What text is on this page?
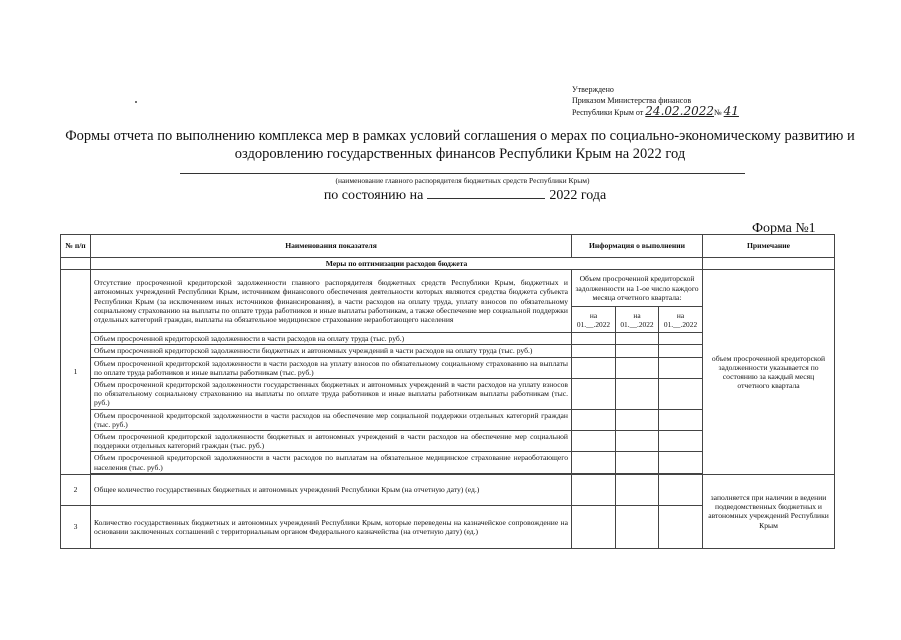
Утверждено
Приказом Министерства финансов
Республики Крым от 24.02.2022№ 41
Формы отчета по выполнению комплекса мер в рамках условий соглашения о мерах по социально-экономическому развитию и
оздоровлению государственных финансов Республики Крым на 2022 год
(наименование главного распорядителя бюджетных средств Республики Крым)
по состоянию на	2022 года
Форма №1
№ п/п	Наименования показателя	Информация о выполнении			Примечание
	Меры по оптимизации расходов бюджета				
1	Отсутствие просроченной кредиторской задолженности главного распорядителя бюджетных средств Республики Крым, бюджетных и автономных учреждений Республики Крым, источником финансового обеспечения деятельности которых являются средства бюджета субъекта Республики Крым (за исключением иных источников финансирования), в части расходов на оплату труда, уплату взносов по обязательному социальному страхованию на выплаты по оплате труда работников и иные выплаты работникам, а также обеспечение мер социальной поддержки отдельных категорий граждан, выплаты на обязательное медицинское страхование нераоботающего населения	Объем просроченной кредиторской задолженности на 1-ое число каждого месяца отчетного квартала:			объем просроченной кредиторской задолженности указывается по состоянию за каждый месяц отчетного квартала
		на 01.__.2022	на 01.__.2022	на 01.__.2022	
	Объем просроченной кредиторской задолженности в части расходов на оплату труда (тыс. руб.)				
	Объем просроченной кредиторской задолженности бюджетных и автономных учреждений в части расходов на оплату труда (тыс. руб.)				
	Объем просроченной кредиторской задолженности в части расходов на уплату взносов по обязательному социальному страхованию на выплаты по оплате труда работников и иные выплаты работникам (тыс. руб.)				
	Объем просроченной кредиторской задолженности государственных бюджетных и автономных учреждений в части расходов на уплату взносов по обязательному социальному страхованию на выплаты по оплате труда работников и иные выплаты работникам выплаты работникам (тыс. руб.)				
	Объем просроченной кредиторской задолженности в части расходов на обеспечение мер социальной поддержки отдельных категорий граждан (тыс. руб.)				
	Объем просроченной кредиторской задолженности бюджетных и автономных учреждений в части расходов на обеспечение мер социальной поддержки отдельных категорий граждан (тыс. руб.)				
	Объем просроченной кредиторской задолженности в части расходов по выплатам на обязательное медицинское страхование нераоботающего населения (тыс. руб.)				

2	Общее количество государственных бюджетных и автономных учреждений Республики Крым (на отчетную дату) (ед.)				заполняется при наличии в ведении подведомственных бюджетных и автономных учреждений Республики Крым
3	Количество государственных бюджетных и автономных учреждений Республики Крым, которые переведены на казначейское сопровождение на основании заключенных соглашений с территориальным органом Федерального казначейства (на отчетную дату) (ед.)				
